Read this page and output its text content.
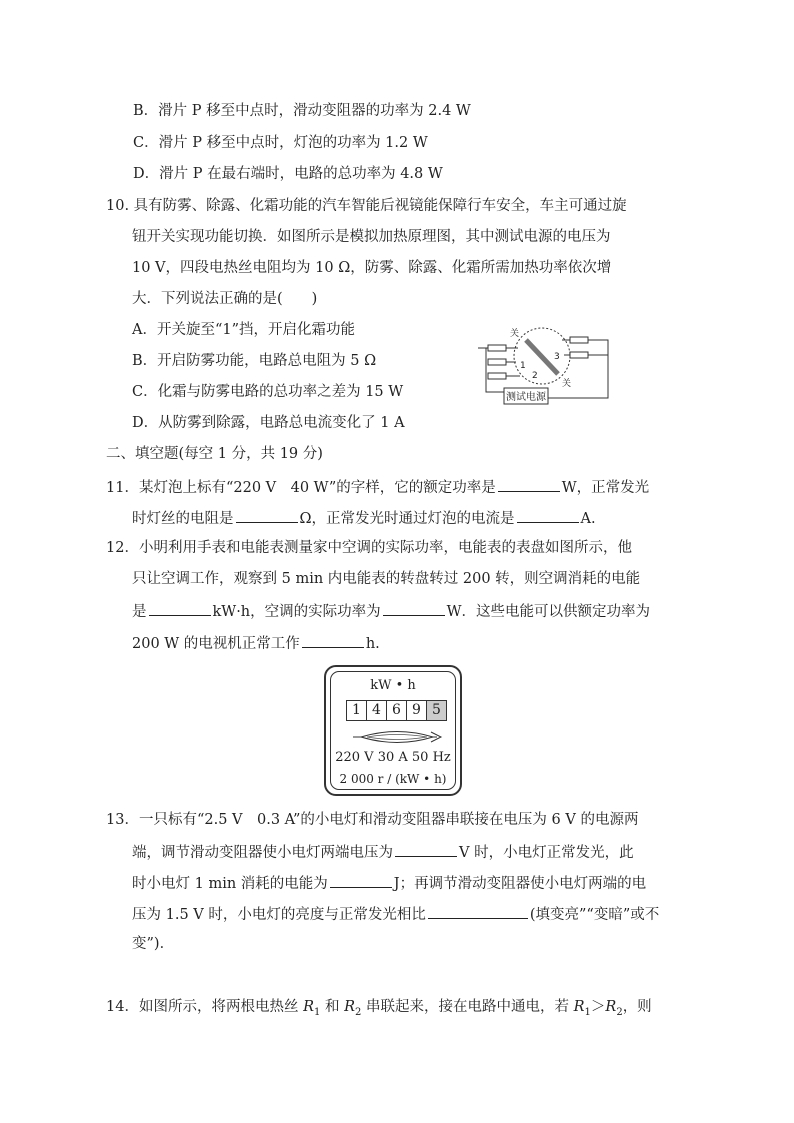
B．滑片 P 移至中点时，滑动变阻器的功率为 2.4 W
C．滑片 P 移至中点时，灯泡的功率为 1.2 W
D．滑片 P 在最右端时，电路的总功率为 4.8 W
10. 具有防雾、除露、化霜功能的汽车智能后视镜能保障行车安全，车主可通过旋
钮开关实现功能切换．如图所示是模拟加热原理图，其中测试电源的电压为
10 V，四段电热丝电阻均为 10 Ω，防雾、除露、化霜所需加热功率依次增
大．下列说法正确的是(　　)
A．开关旋至“1”挡，开启化霜功能
B．开启防雾功能，电路总电阻为 5 Ω
C．化霜与防雾电路的总功率之差为 15 W
D．从防雾到除露，电路总电流变化了 1 A
关
关
1
2
3
测试电源
二、填空题(每空 1 分，共 19 分)
11．某灯泡上标有“220 V　40 W”的字样，它的额定功率是	W，正常发光
时灯丝的电阻是	Ω，正常发光时通过灯泡的电流是	A.
12．小明利用手表和电能表测量家中空调的实际功率，电能表的表盘如图所示，他
只让空调工作，观察到 5 min 内电能表的转盘转过 200 转，则空调消耗的电能
是	kW·h，空调的实际功率为	W．这些电能可以供额定功率为
200 W 的电视机正常工作	h.
kW • h
1 4 6 9 5
220 V 30 A 50 Hz
2 000 r / (kW • h)
13．一只标有“2.5 V　0.3 A”的小电灯和滑动变阻器串联接在电压为 6 V 的电源两
端，调节滑动变阻器使小电灯两端电压为	V 时，小电灯正常发光，此
时小电灯 1 min 消耗的电能为	J；再调节滑动变阻器使小电灯两端的电
压为 1.5 V 时，小电灯的亮度与正常发光相比	(填变亮”“变暗”或不
变”)．
14．如图所示，将两根电热丝 $R_1$ 和 $R_2$ 串联起来，接在电路中通电，若 $R_1>R_2$，则
